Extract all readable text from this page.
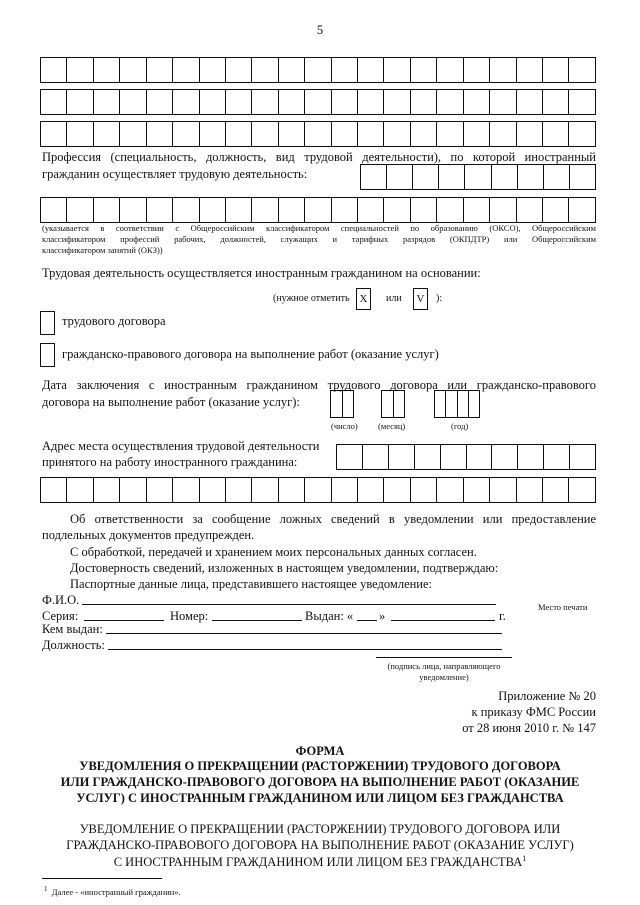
5
Профессия (специальность, должность, вид трудовой деятельности), по которой иностранный
гражданин осуществляет трудовую деятельность:
(указывается в соответствии с Общероссийским классификатором специальностей по образованию (ОКСО), Общероссийским
классификатором профессий рабочих, должностей, служащих и тарифных разрядов (ОКПДТР) или Общероссийским
классификатором занятий (ОКЗ))
Трудовая деятельность осуществляется иностранным гражданином на основании:
(нужное отметить X	или	V	):
трудового договора
гражданско-правового договора на выполнение работ (оказание услуг)
Дата заключения с иностранным гражданином трудового договора или гражданско-правового
договора на выполнение работ (оказание услуг):
(число) (месяц)	(год)
Адрес места осуществления трудовой деятельности
принятого на работу иностранного гражданина:
Об ответственности за сообщение ложных сведений в уведомлении или предоставление
подлельных документов предупрежден.
С обработкой, передачей и хранением моих персональных данных согласен.
Достоверность сведений, изложенных в настоящем уведомлении, подтверждаю:
Паспортные данные лица, представившего настоящее уведомление:
Ф.И.О.
Серия:	Номер:	Выдан: « »	г.
Место печати
Кем выдан:
Должность:
(подпись лица, направляющего
уведомление)
Приложение № 20
к приказу ФМС России
от 28 июня 2010 г. № 147
ФОРМА
УВЕДОМЛЕНИЯ О ПРЕКРАЩЕНИИ (РАСТОРЖЕНИИ) ТРУДОВОГО ДОГОВОРА
ИЛИ ГРАЖДАНСКО-ПРАВОВОГО ДОГОВОРА НА ВЫПОЛНЕНИЕ РАБОТ (ОКАЗАНИЕ
УСЛУГ) С ИНОСТРАННЫМ ГРАЖДАНИНОМ ИЛИ ЛИЦОМ БЕЗ ГРАЖДАНСТВА
УВЕДОМЛЕНИЕ О ПРЕКРАЩЕНИИ (РАСТОРЖЕНИИ) ТРУДОВОГО ДОГОВОРА ИЛИ
ГРАЖДАНСКО-ПРАВОВОГО ДОГОВОРА НА ВЫПОЛНЕНИЕ РАБОТ (ОКАЗАНИЕ УСЛУГ)
С ИНОСТРАННЫМ ГРАЖДАНИНОМ ИЛИ ЛИЦОМ БЕЗ ГРАЖДАНСТВА$^1$
$^1$ Далее - «иностранный гражданин».
